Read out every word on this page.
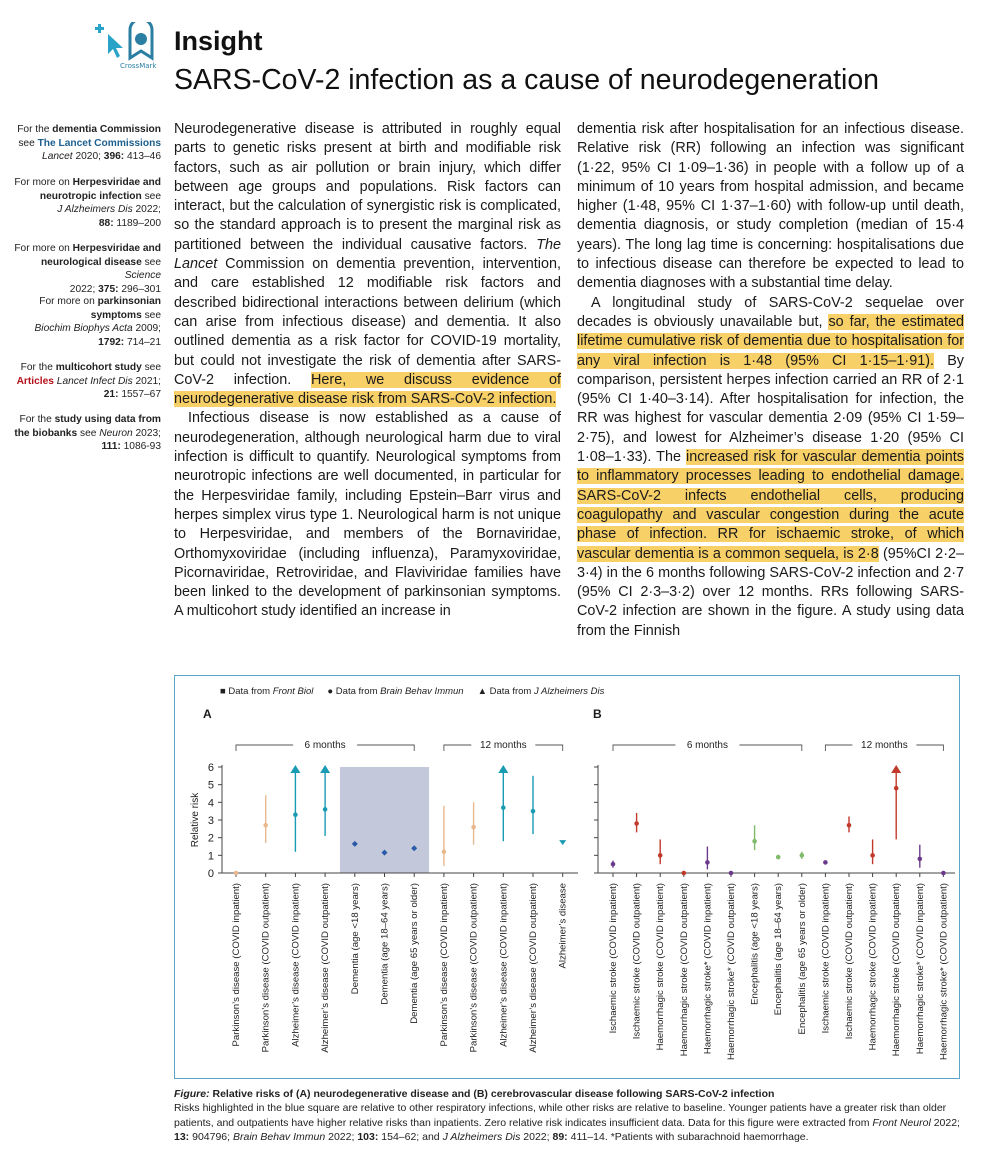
CrossMark
Insight
SARS-CoV-2 infection as a cause of neurodegeneration
For the dementia Commission
see The Lancet Commissions
Lancet 2020; 396: 413–46
For more on Herpesviridae and neurotropic infection see
J Alzheimers Dis 2022;
88: 1189–200
For more on Herpesviridae and neurological disease see Science
2022; 375: 296–301
For more on parkinsonian symptoms see
Biochim Biophys Acta 2009;
1792: 714–21
For the multicohort study see
Articles Lancet Infect Dis 2021;
21: 1557–67
For the study using data from the biobanks see Neuron 2023;
111: 1086-93

Neurodegenerative disease is attributed in roughly equal parts to genetic risks present at birth and modifiable risk factors, such as air pollution or brain injury, which differ between age groups and populations. Risk factors can interact, but the calculation of synergistic risk is complicated, so the standard approach is to present the marginal risk as partitioned between the individual causative factors. The Lancet Commission on dementia prevention, intervention, and care established 12 modifiable risk factors and described bidirectional interactions between delirium (which can arise from infectious disease) and dementia. It also outlined dementia as a risk factor for COVID-19 mortality, but could not investigate the risk of dementia after SARS-CoV-2 infection. Here, we discuss evidence of neurodegenerative disease risk from SARS-CoV-2 infection.

Infectious disease is now established as a cause of neurodegeneration, although neurological harm due to viral infection is difficult to quantify. Neurological symptoms from neurotropic infections are well documented, in particular for the Herpesviridae family, including Epstein–Barr virus and herpes simplex virus type 1. Neurological harm is not unique to Herpesviridae, and members of the Bornaviridae, Orthomyxoviridae (including influenza), Paramyxoviridae, Picornaviridae, Retroviridae, and Flaviviridae families have been linked to the development of parkinsonian symptoms. A multicohort study identified an increase in

dementia risk after hospitalisation for an infectious disease. Relative risk (RR) following an infection was significant (1·22, 95% CI 1·09–1·36) in people with a follow up of a minimum of 10 years from hospital admission, and became higher (1·48, 95% CI 1·37–1·60) with follow-up until death, dementia diagnosis, or study completion (median of 15·4 years). The long lag time is concerning: hospitalisations due to infectious disease can therefore be expected to lead to dementia diagnoses with a substantial time delay.

A longitudinal study of SARS-CoV-2 sequelae over decades is obviously unavailable but, so far, the estimated lifetime cumulative risk of dementia due to hospitalisation for any viral infection is 1·48 (95% CI 1·15–1·91). By comparison, persistent herpes infection carried an RR of 2·1 (95% CI 1·40–3·14). After hospitalisation for infection, the RR was highest for vascular dementia 2·09 (95% CI 1·59–2·75), and lowest for Alzheimer’s disease 1·20 (95% CI 1·08–1·33). The increased risk for vascular dementia points to inflammatory processes leading to endothelial damage. SARS-CoV-2 infects endothelial cells, producing coagulopathy and vascular congestion during the acute phase of infection. RR for ischaemic stroke, of which vascular dementia is a common sequela, is 2·8 (95%CI 2·2–3·4) in the 6 months following SARS-CoV-2 infection and 2·7 (95% CI 2·3–3·2) over 12 months. RRs following SARS-CoV-2 infection are shown in the figure. A study using data from the Finnish

■ Data from Front Biol ● Data from Brain Behav Immun ▲ Data from J Alzheimers Dis
A	B
0
1
2
3
4
5
6
Relative risk
6 months	12 months
Parkinson’s disease (COVID inpatient) Parkinson’s disease (COVID outpatient) Alzheimer’s disease (COVID inpatient) Alzheimer’s disease (COVID outpatient) Dementia (age <18 years) Dementia (age 18–64 years) Dementia (age 65 years or older) Parkinson’s disease (COVID inpatient) Parkinson’s disease (COVID outpatient) Alzheimer’s disease (COVID inpatient) Alzheimer’s disease (COVID outpatient) Alzheimer’s disease
6 months	12 months
Ischaemic stroke (COVID inpatient) Ischaemic stroke (COVID outpatient) Haemorrhagic stroke (COVID inpatient) Haemorrhagic stroke (COVID outpatient) Haemorrhagic stroke* (COVID inpatient) Haemorrhagic stroke* (COVID outpatient) Encephalitis (age <18 years) Encephalitis (age 18–64 years) Encephalitis (age 65 years or older) Ischaemic stroke (COVID inpatient) Ischaemic stroke (COVID outpatient) Haemorrhagic stroke (COVID inpatient) Haemorrhagic stroke (COVID outpatient) Haemorrhagic stroke* (COVID inpatient) Haemorrhagic stroke* (COVID outpatient)
Figure: Relative risks of (A) neurodegenerative disease and (B) cerebrovascular disease following SARS-CoV-2 infection
Risks highlighted in the blue square are relative to other respiratory infections, while other risks are relative to baseline. Younger patients have a greater risk than older patients, and outpatients have higher relative risks than inpatients. Zero relative risk indicates insufficient data. Data for this figure were extracted from Front Neurol 2022; 13: 904796; Brain Behav Immun 2022; 103: 154–62; and J Alzheimers Dis 2022; 89: 411–14. *Patients with subarachnoid haemorrhage.
